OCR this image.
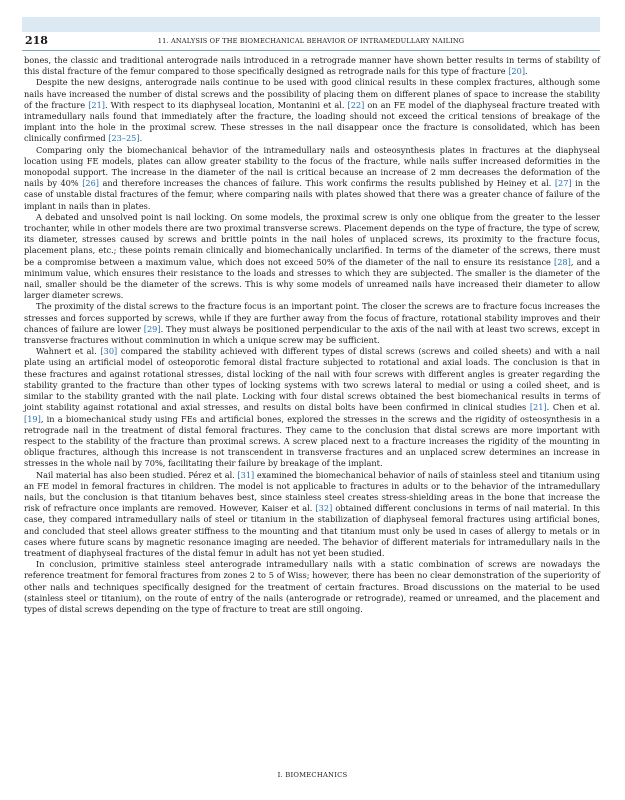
218	11. ANALYSIS OF THE BIOMECHANICAL BEHAVIOR OF INTRAMEDULLARY NAILING

bones, the classic and traditional anterograde nails introduced in a retrograde manner have shown better results in terms of stability of this distal fracture of the femur compared to those specifically designed as retrograde nails for this type of fracture [20].

Despite the new designs, anterograde nails continue to be used with good clinical results in these complex fractures, although some nails have increased the number of distal screws and the possibility of placing them on different planes of space to increase the stability of the fracture [21]. With respect to its diaphyseal location, Montanini et al. [22] on an FE model of the diaphyseal fracture treated with intramedullary nails found that immediately after the fracture, the loading should not exceed the critical tensions of breakage of the implant into the hole in the proximal screw. These stresses in the nail disappear once the fracture is consolidated, which has been clinically confirmed [23–25].

Comparing only the biomechanical behavior of the intramedullary nails and osteosynthesis plates in fractures at the diaphyseal location using FE models, plates can allow greater stability to the focus of the fracture, while nails suffer increased deformities in the monopodal support. The increase in the diameter of the nail is critical because an increase of 2 mm decreases the deformation of the nails by 40% [26] and therefore increases the chances of failure. This work confirms the results published by Heiney et al. [27] in the case of unstable distal fractures of the femur, where comparing nails with plates showed that there was a greater chance of failure of the implant in nails than in plates.

A debated and unsolved point is nail locking. On some models, the proximal screw is only one oblique from the greater to the lesser trochanter, while in other models there are two proximal transverse screws. Placement depends on the type of fracture, the type of screw, its diameter, stresses caused by screws and brittle points in the nail holes of unplaced screws, its proximity to the fracture focus, placement plans, etc.; these points remain clinically and biomechanically unclarified. In terms of the diameter of the screws, there must be a compromise between a maximum value, which does not exceed 50% of the diameter of the nail to ensure its resistance [28], and a minimum value, which ensures their resistance to the loads and stresses to which they are subjected. The smaller is the diameter of the nail, smaller should be the diameter of the screws. This is why some models of unreamed nails have increased their diameter to allow larger diameter screws.

The proximity of the distal screws to the fracture focus is an important point. The closer the screws are to fracture focus increases the stresses and forces supported by screws, while if they are further away from the focus of fracture, rotational stability improves and their chances of failure are lower [29]. They must always be positioned perpendicular to the axis of the nail with at least two screws, except in transverse fractures without comminution in which a unique screw may be sufficient.

Wahnert et al. [30] compared the stability achieved with different types of distal screws (screws and coiled sheets) and with a nail plate using an artificial model of osteoporotic femoral distal fracture subjected to rotational and axial loads. The conclusion is that in these fractures and against rotational stresses, distal locking of the nail with four screws with different angles is greater regarding the stability granted to the fracture than other types of locking systems with two screws lateral to medial or using a coiled sheet, and is similar to the stability granted with the nail plate. Locking with four distal screws obtained the best biomechanical results in terms of joint stability against rotational and axial stresses, and results on distal bolts have been confirmed in clinical studies [21]. Chen et al. [19], in a biomechanical study using FEs and artificial bones, explored the stresses in the screws and the rigidity of osteosynthesis in a retrograde nail in the treatment of distal femoral fractures. They came to the conclusion that distal screws are more important with respect to the stability of the fracture than proximal screws. A screw placed next to a fracture increases the rigidity of the mounting in oblique fractures, although this increase is not transcendent in transverse fractures and an unplaced screw determines an increase in stresses in the whole nail by 70%, facilitating their failure by breakage of the implant.

Nail material has also been studied. Pérez et al. [31] examined the biomechanical behavior of nails of stainless steel and titanium using an FE model in femoral fractures in children. The model is not applicable to fractures in adults or to the behavior of the intramedullary nails, but the conclusion is that titanium behaves best, since stainless steel creates stress-shielding areas in the bone that increase the risk of refracture once implants are removed. However, Kaiser et al. [32] obtained different conclusions in terms of nail material. In this case, they compared intramedullary nails of steel or titanium in the stabilization of diaphyseal femoral fractures using artificial bones, and concluded that steel allows greater stiffness to the mounting and that titanium must only be used in cases of allergy to metals or in cases where future scans by magnetic resonance imaging are needed. The behavior of different materials for intramedullary nails in the treatment of diaphyseal fractures of the distal femur in adult has not yet been studied.

In conclusion, primitive stainless steel anterograde intramedullary nails with a static combination of screws are nowadays the reference treatment for femoral fractures from zones 2 to 5 of Wiss; however, there has been no clear demonstration of the superiority of other nails and techniques specifically designed for the treatment of certain fractures. Broad discussions on the material to be used (stainless steel or titanium), on the route of entry of the nails (anterograde or retrograde), reamed or unreamed, and the placement and types of distal screws depending on the type of fracture to treat are still ongoing.

I. BIOMECHANICS
